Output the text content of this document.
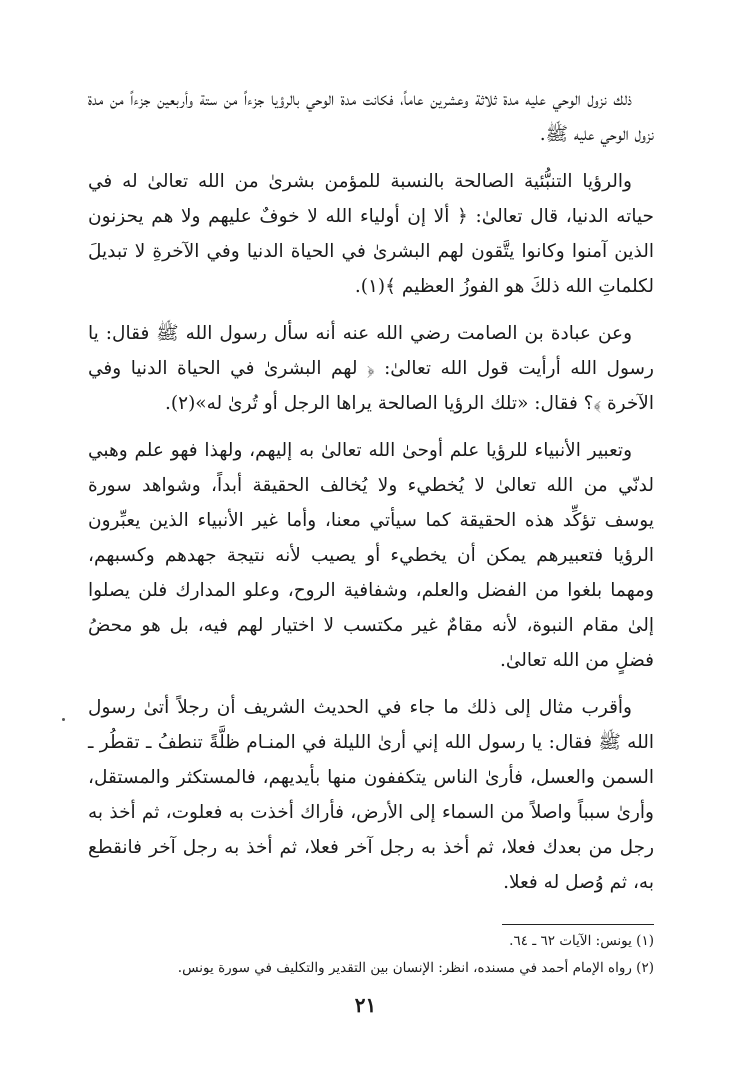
ذلك نزول الوحي عليه مدة ثلاثة وعشرين عاماً، فكانت مدة الوحي بالرؤيا جزءاً من ستة وأربعين جزءاً من مدة نزول الوحي عليه ﷺ.

والرؤيا التنبُّئية الصالحة بالنسبة للمؤمن بشرىٰ من الله تعالىٰ له في حياته الدنيا، قال تعالىٰ: ﴿ ألا إن أولياء الله لا خوفٌ عليهم ولا هم يحزنون الذين آمنوا وكانوا يتَّقون لهم البشرىٰ في الحياة الدنيا وفي الآخرةِ لا تبديلَ لكلماتِ الله ذلكَ هو الفوزُ العظيم ﴾(١).

وعن عبادة بن الصامت رضي الله عنه أنه سأل رسول الله ﷺ فقال: يا رسول الله أرأيت قول الله تعالىٰ: ﴿ لهم البشرىٰ في الحياة الدنيا وفي الآخرة ﴾؟ فقال: «تلك الرؤيا الصالحة يراها الرجل أو تُرىٰ له»(٢).

وتعبير الأنبياء للرؤيا علم أوحىٰ الله تعالىٰ به إليهم، ولهذا فهو علم وهبي لدنّي من الله تعالىٰ لا يُخطيء ولا يُخالف الحقيقة أبداً، وشواهد سورة يوسف تؤكِّد هذه الحقيقة كما سيأتي معنا، وأما غير الأنبياء الذين يعبِّرون الرؤيا فتعبيرهم يمكن أن يخطيء أو يصيب لأنه نتيجة جهدهم وكسبهم، ومهما بلغوا من الفضل والعلم، وشفافية الروح، وعلو المدارك فلن يصلوا إلىٰ مقام النبوة، لأنه مقامٌ غير مكتسب لا اختيار لهم فيه، بل هو محضُ فضلٍ من الله تعالىٰ.

وأقرب مثال إلى ذلك ما جاء في الحديث الشريف أن رجلاً أتىٰ رسول الله ﷺ فقال: يا رسول الله إني أرىٰ الليلة في المنـام ظلَّةً تنطفُ ـ تقطُر ـ السمن والعسل، فأرىٰ الناس يتكففون منها بأيديهم، فالمستكثر والمستقل، وأرىٰ سبباً واصلاً من السماء إلى الأرض، فأراك أخذت به فعلوت، ثم أخذ به رجل من بعدك فعلا، ثم أخذ به رجل آخر فعلا، ثم أخذ به رجل آخر فانقطع به، ثم وُصل له فعلا.

(١) يونس: الآيات ٦٢ ـ ٦٤.

(٢) رواه الإمام أحمد في مسنده، انظر: الإنسان بين التقدير والتكليف في سورة يونس.

٢١
